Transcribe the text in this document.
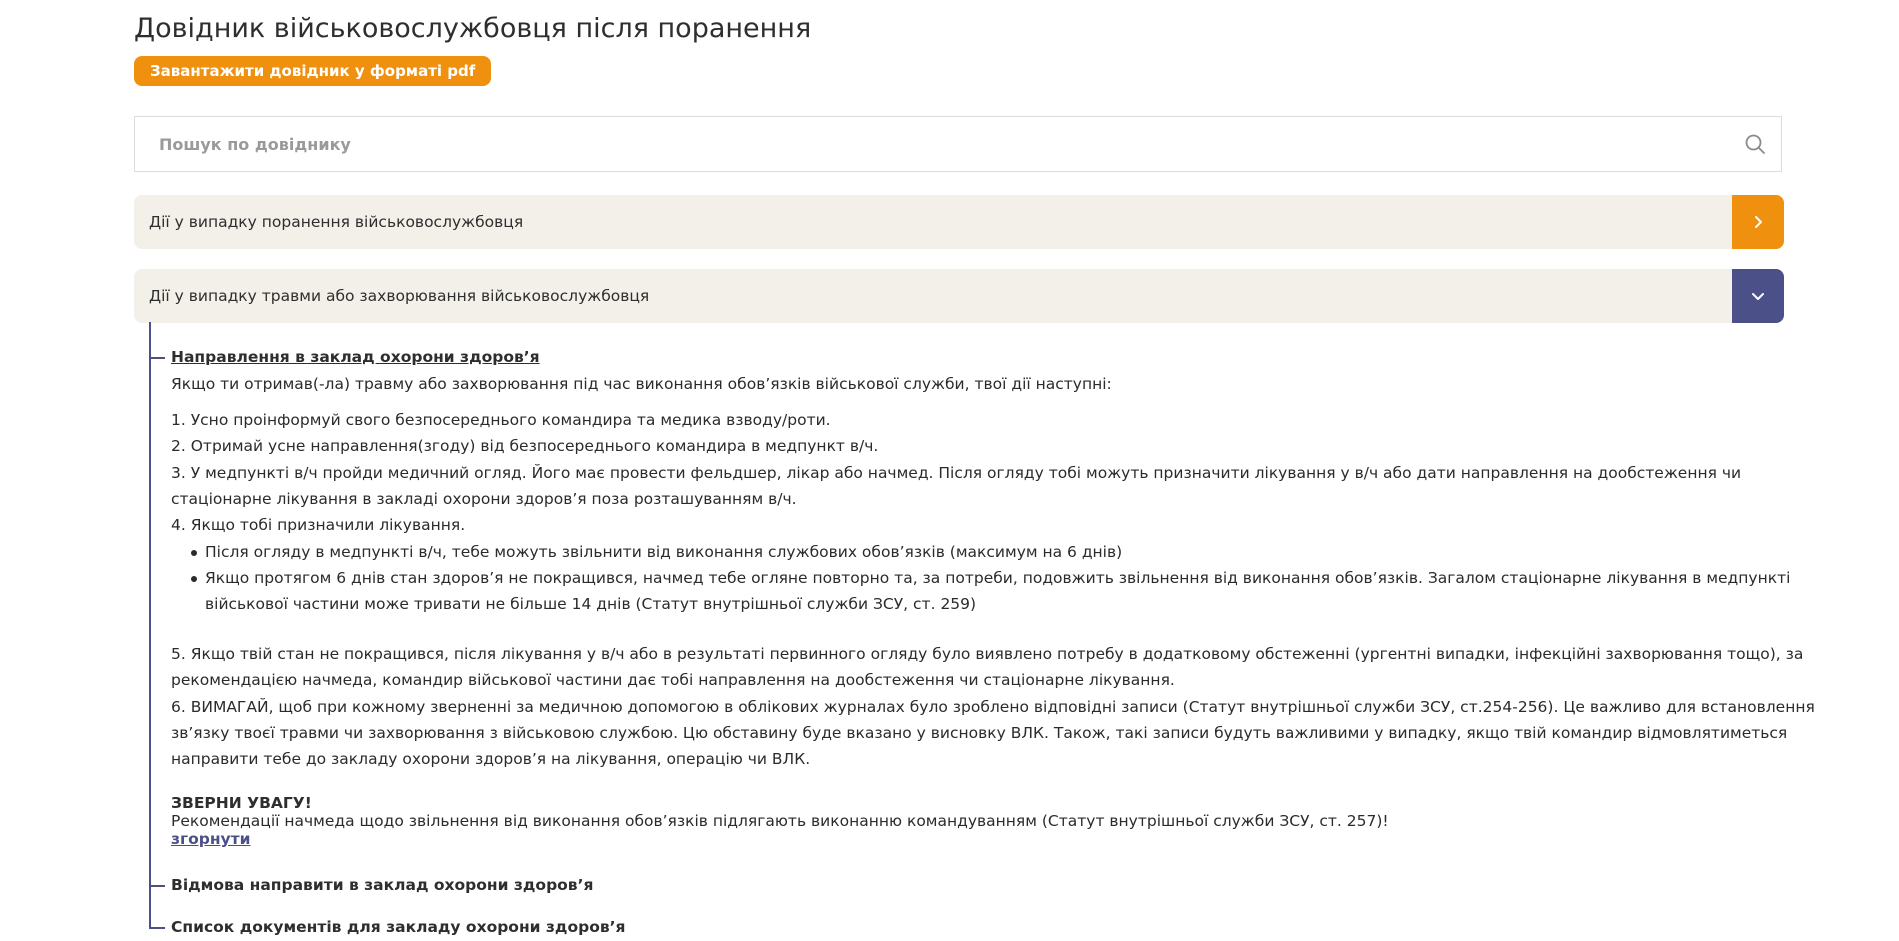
Довідник військовослужбовця після поранення
Завантажити довідник у форматі pdf
Пошук по довіднику
Дії у випадку поранення військовослужбовця
Дії у випадку травми або захворювання військовослужбовця
Направлення в заклад охорони здоров’я
Якщо ти отримав(-ла) травму або захворювання під час виконання обов’язків військової служби, твої дії наступні:
1. Усно проінформуй свого безпосереднього командира та медика взводу/роти.
2. Отримай усне направлення(згоду) від безпосереднього командира в медпункт в/ч.
3. У медпункті в/ч пройди медичний огляд. Його має провести фельдшер, лікар або начмед. Після огляду тобі можуть призначити лікування у в/ч або дати направлення на дообстеження чи
стаціонарне лікування в закладі охорони здоров’я поза розташуванням в/ч.
4. Якщо тобі призначили лікування.
Після огляду в медпункті в/ч, тебе можуть звільнити від виконання службових обов’язків (максимум на 6 днів)
Якщо протягом 6 днів стан здоров’я не покращився, начмед тебе огляне повторно та, за потреби, подовжить звільнення від виконання обов’язків. Загалом стаціонарне лікування в медпункті
військової частини може тривати не більше 14 днів (Статут внутрішньої служби ЗСУ, ст. 259)
5. Якщо твій стан не покращився, після лікування у в/ч або в результаті первинного огляду було виявлено потребу в додатковому обстеженні (ургентні випадки, інфекційні захворювання тощо), за
рекомендацією начмеда, командир військової частини дає тобі направлення на дообстеження чи стаціонарне лікування.
6. ВИМАГАЙ, щоб при кожному зверненні за медичною допомогою в облікових журналах було зроблено відповідні записи (Статут внутрішньої служби ЗСУ, ст.254-256). Це важливо для встановлення
зв’язку твоєї травми чи захворювання з військовою службою. Цю обставину буде вказано у висновку ВЛК. Також, такі записи будуть важливими у випадку, якщо твій командир відмовлятиметься
направити тебе до закладу охорони здоров’я на лікування, операцію чи ВЛК.
ЗВЕРНИ УВАГУ!
Рекомендації начмеда щодо звільнення від виконання обов’язків підлягають виконанню командуванням (Статут внутрішньої служби ЗСУ, ст. 257)!
згорнути
Відмова направити в заклад охорони здоров’я
Список документів для закладу охорони здоров’я
